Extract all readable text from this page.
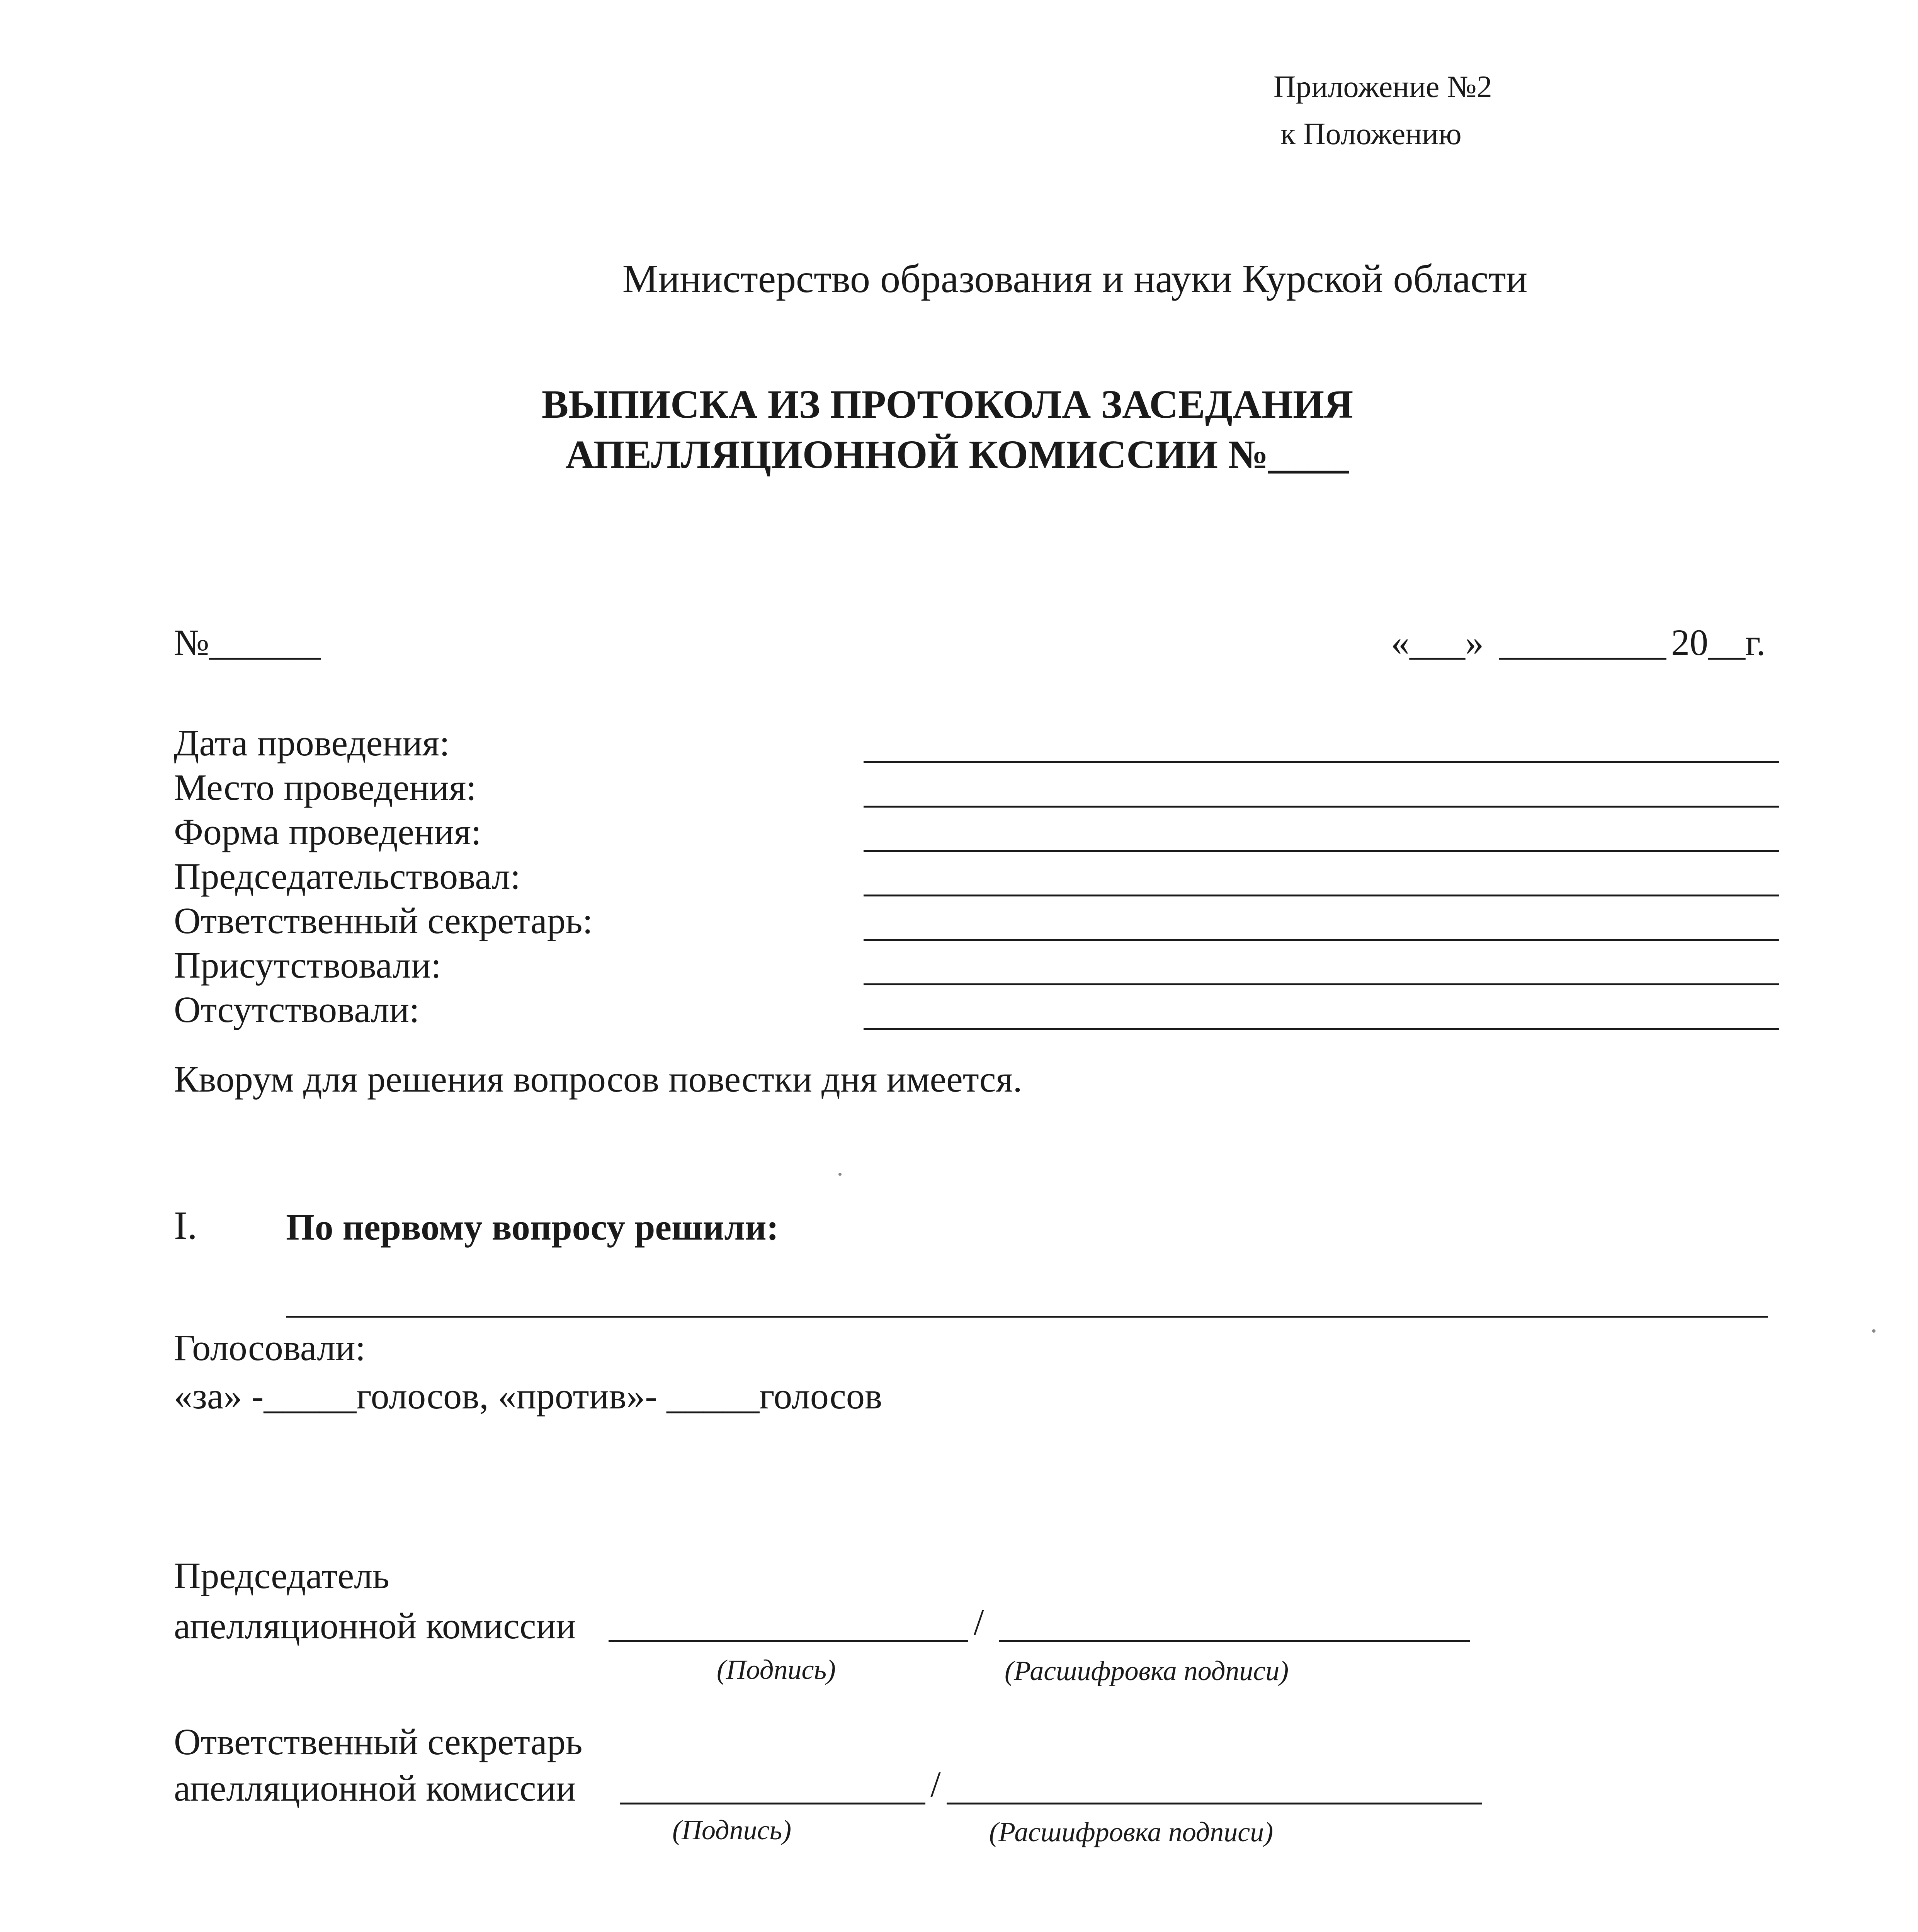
Приложение №2
к Положению
Министерство образования и науки Курской области
ВЫПИСКА ИЗ ПРОТОКОЛА ЗАСЕДАНИЯ
АПЕЛЛЯЦИОННОЙ КОМИССИИ №____
№______	«___» _________ 20__г.
Дата проведения:
Место проведения:
Форма проведения:
Председательствовал:
Ответственный секретарь:
Присутствовали:
Отсутствовали:
Кворум для решения вопросов повестки дня имеется.
I. По первому вопросу решили:
Голосовали:
«за» -_____голосов, «против»- _____голосов
Председатель
апелляционной комиссии	/
(Подпись)	(Расшифровка подписи)
Ответственный секретарь
апелляционной комиссии	/
(Подпись)	(Расшифровка подписи)
